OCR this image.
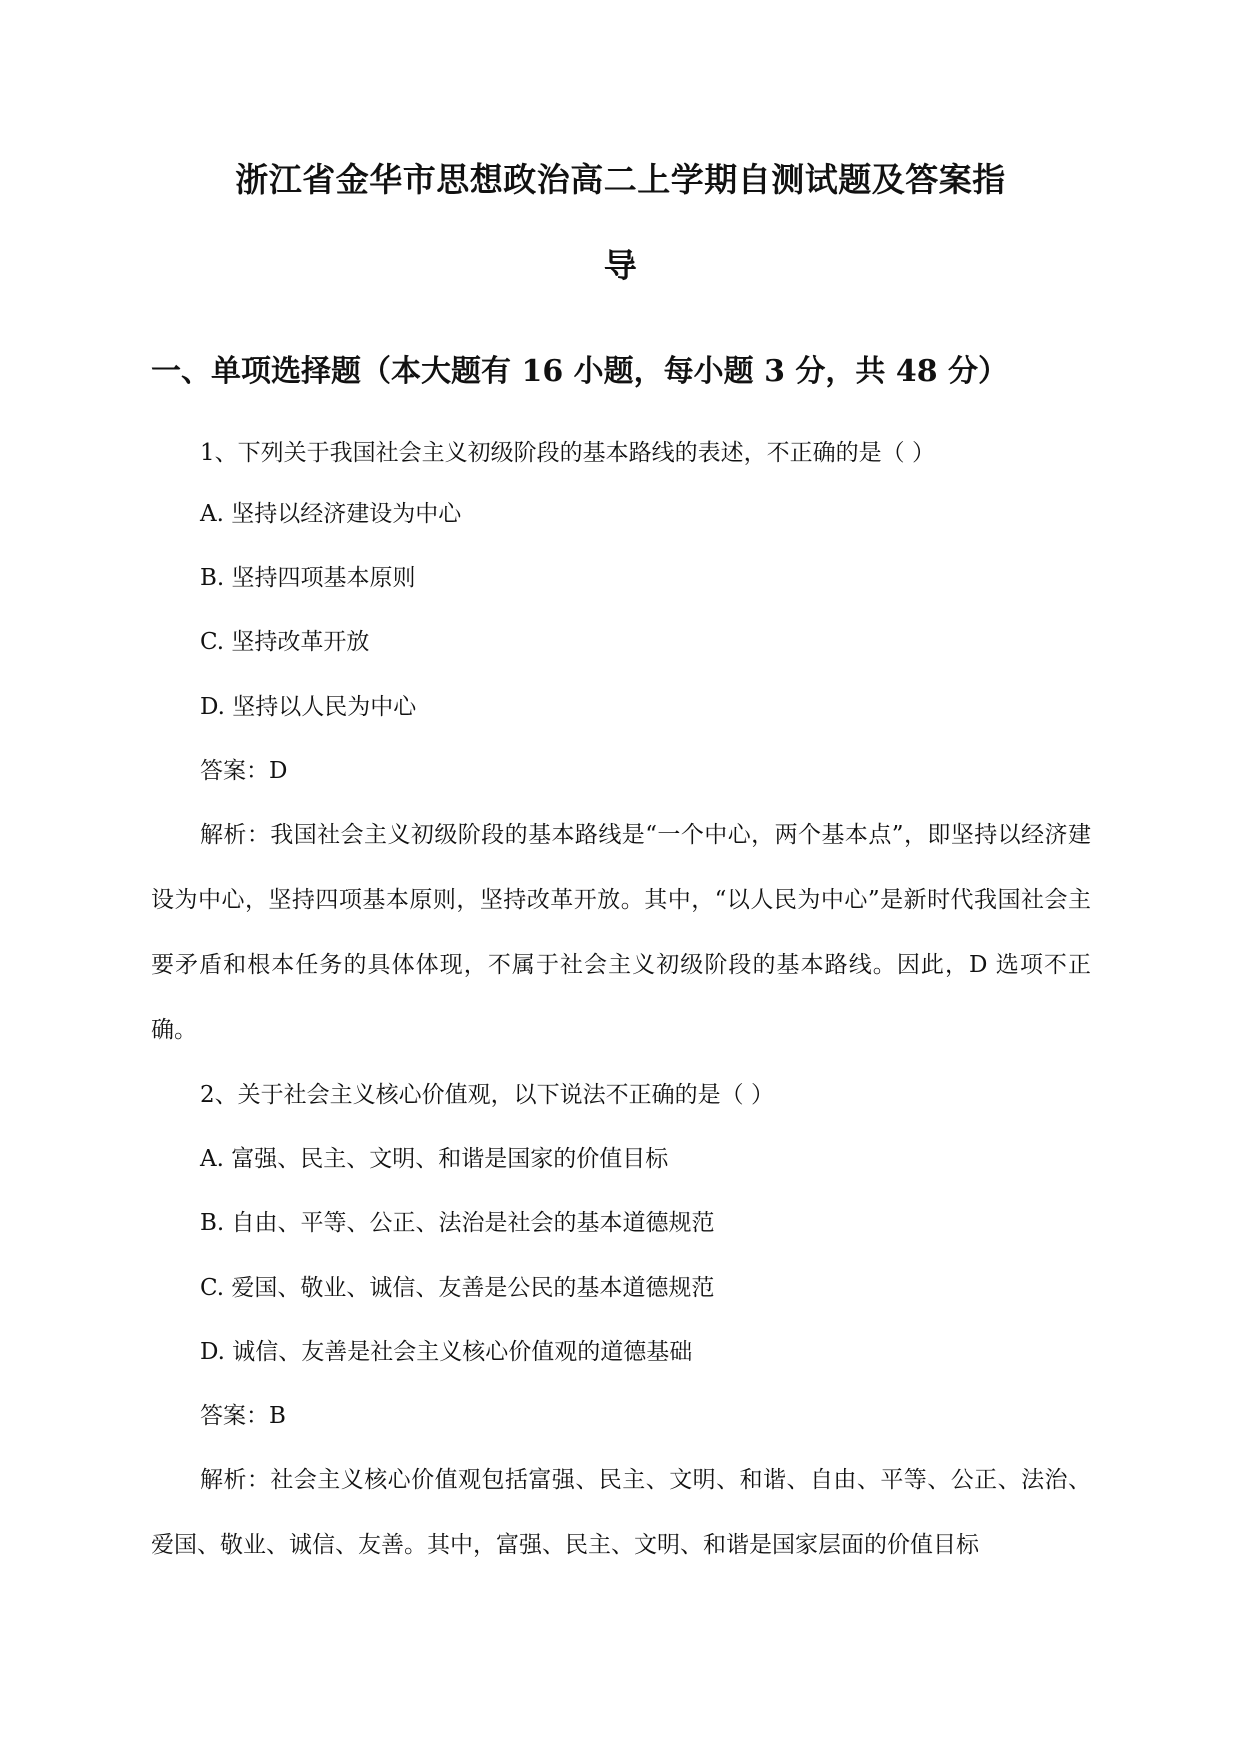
浙江省金华市思想政治高二上学期自测试题及答案指
导
一、单项选择题（本大题有 16 小题，每小题 3 分，共 48 分）
1、下列关于我国社会主义初级阶段的基本路线的表述，不正确的是（ ）
A. 坚持以经济建设为中心
B. 坚持四项基本原则
C. 坚持改革开放
D. 坚持以人民为中心
答案：D

解析：我国社会主义初级阶段的基本路线是“一个中心，两个基本点”，即坚持以经济建设为中心，坚持四项基本原则，坚持改革开放。其中，“以人民为中心”是新时代我国社会主要矛盾和根本任务的具体体现，不属于社会主义初级阶段的基本路线。因此，D 选项不正确。

2、关于社会主义核心价值观，以下说法不正确的是（ ）
A. 富强、民主、文明、和谐是国家的价值目标
B. 自由、平等、公正、法治是社会的基本道德规范
C. 爱国、敬业、诚信、友善是公民的基本道德规范
D. 诚信、友善是社会主义核心价值观的道德基础
答案：B

解析：社会主义核心价值观包括富强、民主、文明、和谐、自由、平等、公正、法治、爱国、敬业、诚信、友善。其中，富强、民主、文明、和谐是国家层面的价值目标
